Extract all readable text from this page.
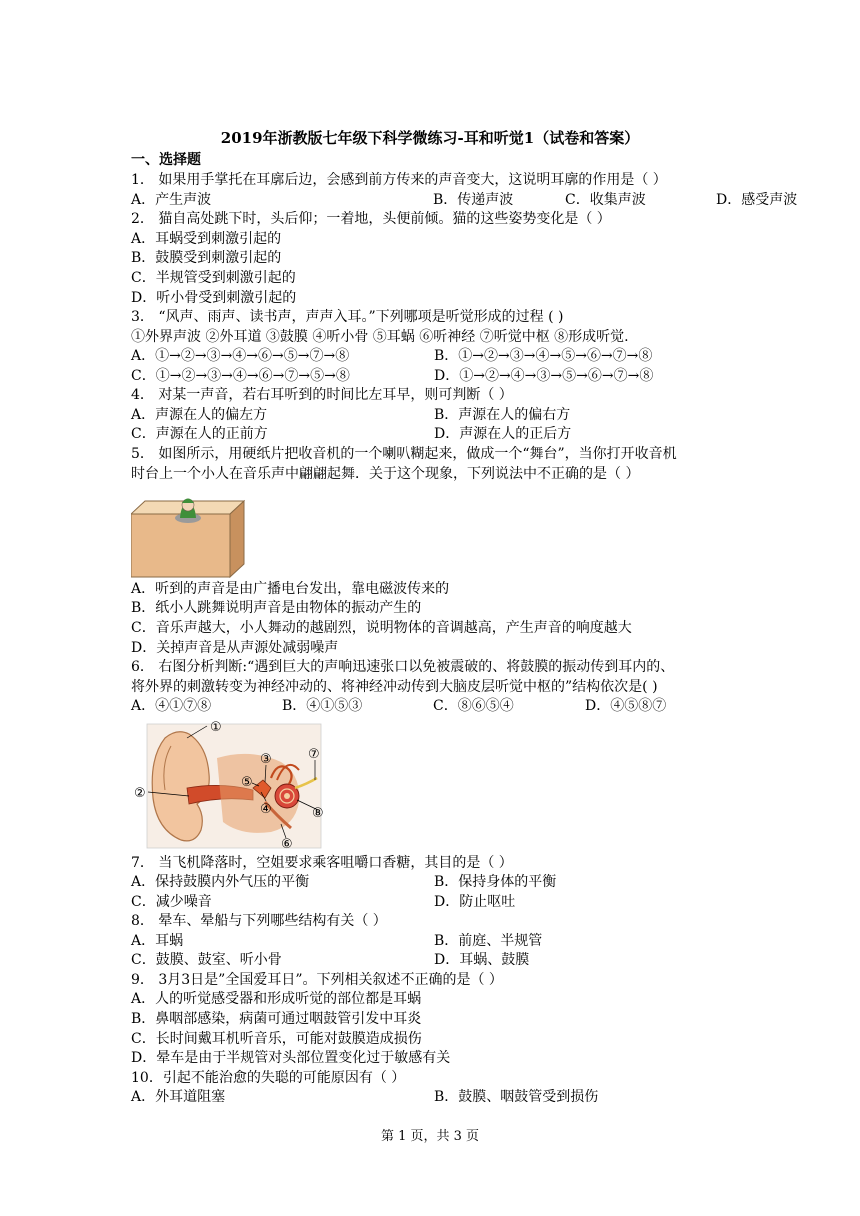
2019年浙教版七年级下科学微练习-耳和听觉1（试卷和答案）
一、选择题
1． 如果用手掌托在耳廓后边，会感到前方传来的声音变大，这说明耳廓的作用是（ ）
A．产生声波	B．传递声波	C．收集声波	D．感受声波
2． 猫自高处跳下时，头后仰；一着地，头便前倾。猫的这些姿势变化是（ ）
A．耳蜗受到刺激引起的
B．鼓膜受到刺激引起的
C．半规管受到刺激引起的
D．听小骨受到刺激引起的
3． “风声、雨声、读书声，声声入耳。”下列哪项是听觉形成的过程 ( )
①外界声波 ②外耳道 ③鼓膜 ④听小骨 ⑤耳蜗 ⑥听神经 ⑦听觉中枢 ⑧形成听觉.
A．①→②→③→④→⑥→⑤→⑦→⑧	B．①→②→③→④→⑤→⑥→⑦→⑧
C．①→②→③→④→⑥→⑦→⑤→⑧	D．①→②→④→③→⑤→⑥→⑦→⑧
4． 对某一声音，若右耳听到的时间比左耳早，则可判断（ ）
A．声源在人的偏左方	B．声源在人的偏右方
C．声源在人的正前方	D．声源在人的正后方
5． 如图所示，用硬纸片把收音机的一个喇叭糊起来，做成一个“舞台”，当你打开收音机
时台上一个小人在音乐声中翩翩起舞．关于这个现象，下列说法中不正确的是（ ）
A．听到的声音是由广播电台发出，靠电磁波传来的
B．纸小人跳舞说明声音是由物体的振动产生的
C．音乐声越大，小人舞动的越剧烈，说明物体的音调越高，产生声音的响度越大
D．关掉声音是从声源处减弱噪声
6． 右图分析判断:“遇到巨大的声响迅速张口以免被震破的、将鼓膜的振动传到耳内的、
将外界的刺激转变为神经冲动的、将神经冲动传到大脑皮层听觉中枢的”结构依次是( )
A．④①⑦⑧	B．④①⑤③	C．⑧⑥⑤④	D．④⑤⑧⑦
①
②
③
④
⑤
⑥
⑦
⑧
7． 当飞机降落时，空姐要求乘客咀嚼口香糖，其目的是（ ）
A．保持鼓膜内外气压的平衡	B．保持身体的平衡
C．减少噪音	D．防止呕吐
8． 晕车、晕船与下列哪些结构有关（ ）
A．耳蜗	B．前庭、半规管
C．鼓膜、鼓室、听小骨	D．耳蜗、鼓膜
9． 3月3日是”全国爱耳日”。下列相关叙述不正确的是（ ）
A．人的听觉感受器和形成听觉的部位都是耳蜗
B．鼻咽部感染，病菌可通过咽鼓管引发中耳炎
C．长时间戴耳机听音乐，可能对鼓膜造成损伤
D．晕车是由于半规管对头部位置变化过于敏感有关
10．引起不能治愈的失聪的可能原因有（ ）
A．外耳道阻塞	B．鼓膜、咽鼓管受到损伤
第 1 页，共 3 页
